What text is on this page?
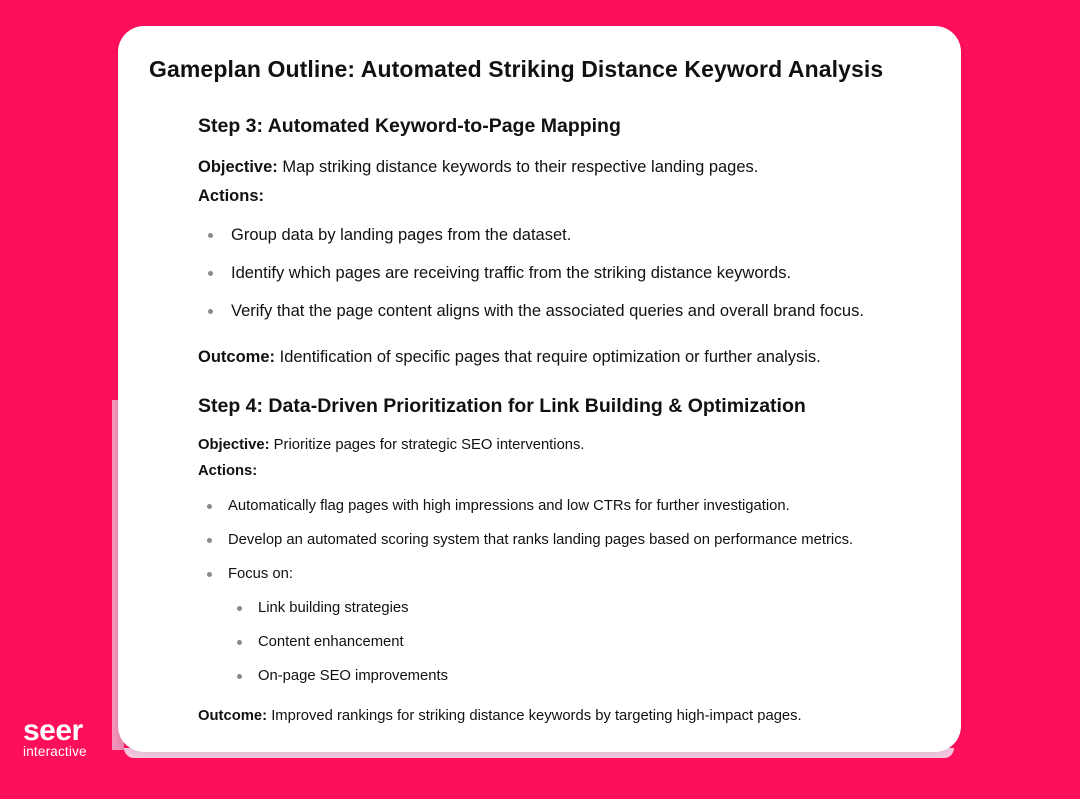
Gameplan Outline: Automated Striking Distance Keyword Analysis
Step 3: Automated Keyword-to-Page Mapping

Objective: Map striking distance keywords to their respective landing pages.

Actions:

Group data by landing pages from the dataset.
Identify which pages are receiving traffic from the striking distance keywords.
Verify that the page content aligns with the associated queries and overall brand focus.

Outcome: Identification of specific pages that require optimization or further analysis.

Step 4: Data-Driven Prioritization for Link Building & Optimization

Objective: Prioritize pages for strategic SEO interventions.

Actions:

Automatically flag pages with high impressions and low CTRs for further investigation.
Develop an automated scoring system that ranks landing pages based on performance metrics.
Focus on:
Link building strategies
Content enhancement
On-page SEO improvements

Outcome: Improved rankings for striking distance keywords by targeting high-impact pages.

seer
interactive
